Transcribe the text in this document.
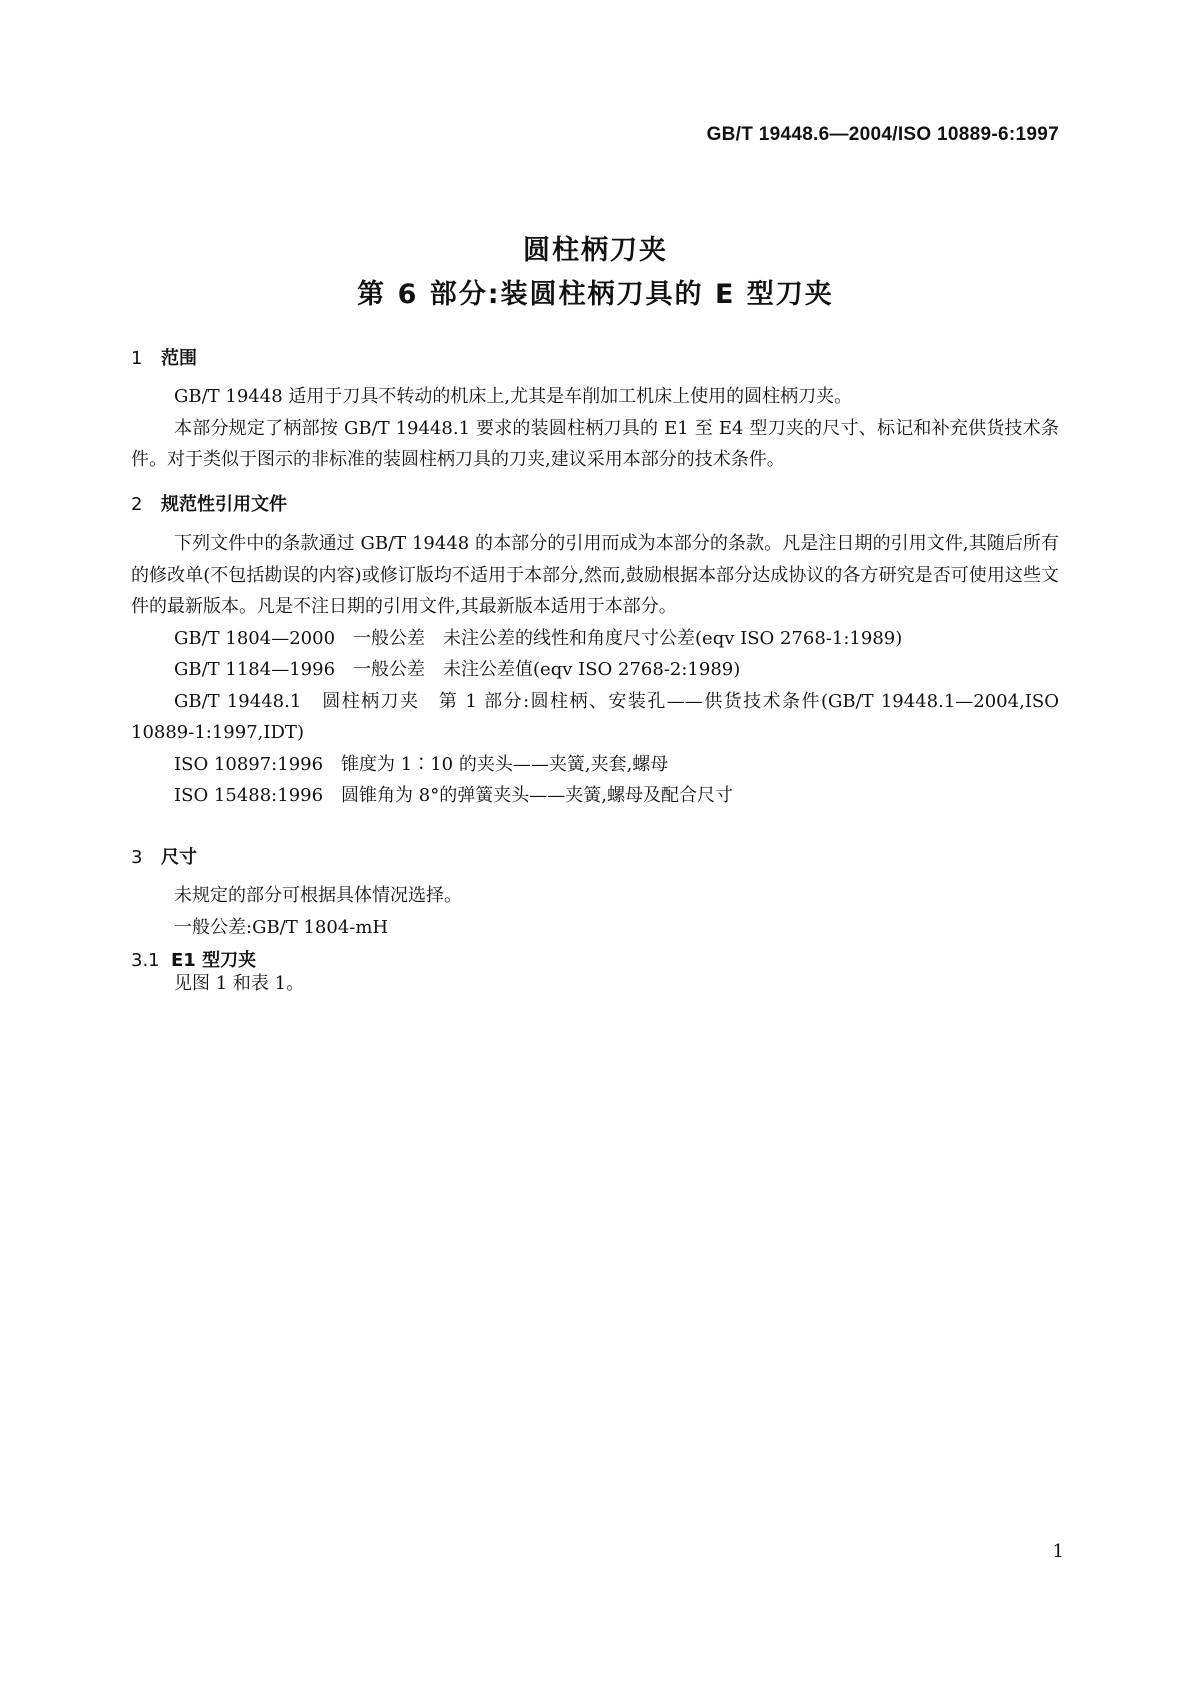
GB/T 19448.6—2004/ISO 10889-6:1997
圆柱柄刀夹
第 6 部分:装圆柱柄刀具的 E 型刀夹
1 范围

GB/T 19448 适用于刀具不转动的机床上,尤其是车削加工机床上使用的圆柱柄刀夹。

本部分规定了柄部按 GB/T 19448.1 要求的装圆柱柄刀具的 E1 至 E4 型刀夹的尺寸、标记和补充供货技术条件。对于类似于图示的非标准的装圆柱柄刀具的刀夹,建议采用本部分的技术条件。

2 规范性引用文件

下列文件中的条款通过 GB/T 19448 的本部分的引用而成为本部分的条款。凡是注日期的引用文件,其随后所有的修改单(不包括勘误的内容)或修订版均不适用于本部分,然而,鼓励根据本部分达成协议的各方研究是否可使用这些文件的最新版本。凡是不注日期的引用文件,其最新版本适用于本部分。

GB/T 1804—2000　一般公差　未注公差的线性和角度尺寸公差(eqv ISO 2768-1:1989)

GB/T 1184—1996　一般公差　未注公差值(eqv ISO 2768-2:1989)

GB/T 19448.1　圆柱柄刀夹　第 1 部分:圆柱柄、安装孔——供货技术条件(GB/T 19448.1—2004,ISO 10889-1:1997,IDT)

ISO 10897:1996　锥度为 1∶10 的夹头——夹簧,夹套,螺母

ISO 15488:1996　圆锥角为 8°的弹簧夹头——夹簧,螺母及配合尺寸

3 尺寸

未规定的部分可根据具体情况选择。

一般公差:GB/T 1804-mH

3.1 E1 型刀夹

见图 1 和表 1。

1
